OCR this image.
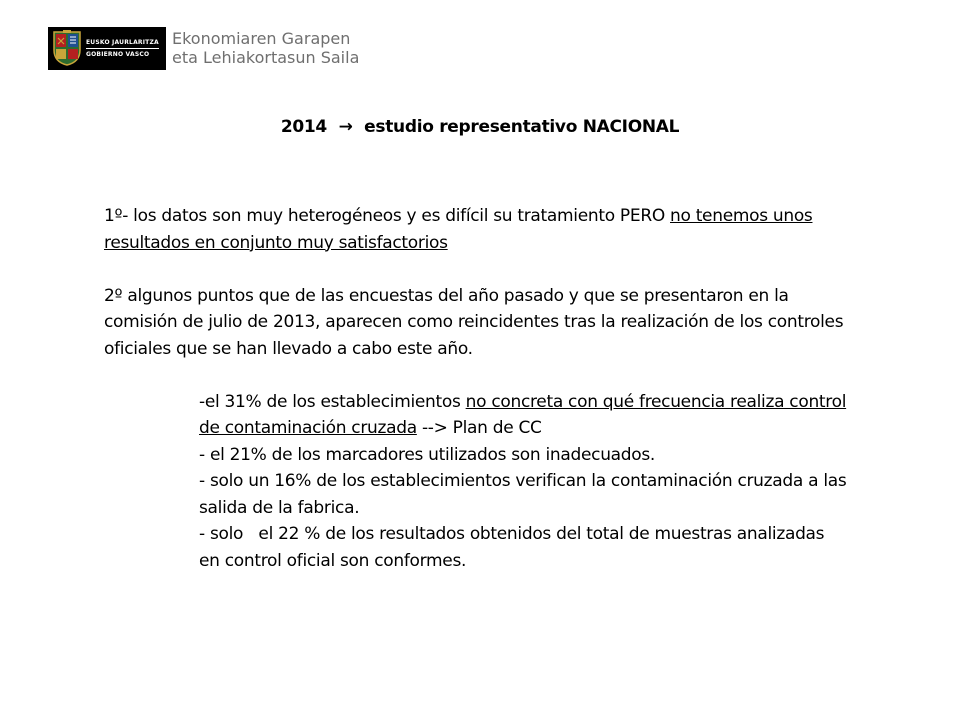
EUSKO JAURLARITZA
GOBIERNO VASCO
Ekonomiaren Garapen
eta Lehiakortasun Saila
2014 → estudio representativo NACIONAL

1º- los datos son muy heterogéneos y es difícil su tratamiento PERO no tenemos unos resultados en conjunto muy satisfactorios

2º algunos puntos que de las encuestas del año pasado y que se presentaron en la comisión de julio de 2013, aparecen como reincidentes tras la realización de los controles oficiales que se han llevado a cabo este año.

-el 31% de los establecimientos no concreta con qué frecuencia realiza control de contaminación cruzada --> Plan de CC

- el 21% de los marcadores utilizados son inadecuados.

- solo un 16% de los establecimientos verifican la contaminación cruzada a las salida de la fabrica.

- solo   el 22 % de los resultados obtenidos del total de muestras analizadas en control oficial son conformes.
